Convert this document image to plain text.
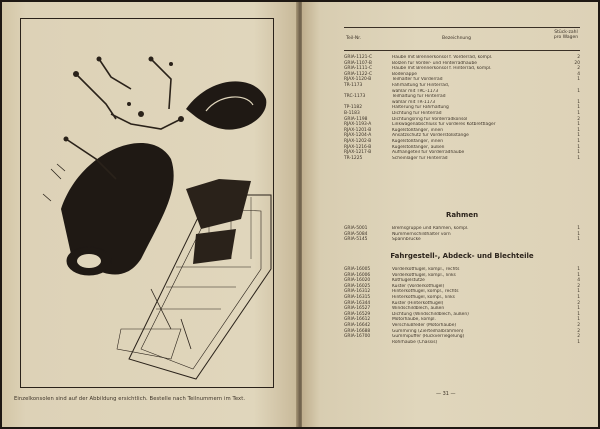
Einzelkonsolen sind auf der Abbildung ersichtlich. Bestelle nach Teilnummern im Text.
Teil-Nr.	Bezeichnung
Stück-zahl pro Wagen
GRIA-1121-C	Haube mit Brennerkonsol f. Vorderrad, kompl.	2
GRIA-1107-B	Bolzen für Vorder- und Hinterradhaube	20
GRIA-1111-C	Haube mit Brennerkonsol f. Hinterrad, kompl.	2
GRIA-1122-C	Bodenappe	4
RJAX-1120-B	Teilhalter für Vorderrad	1
TR-1173	Fahrhaltung für Hinterrad,
wählar mit TRC-1173	1
TRC-1173	Teilhaltung für Hinterrad
wählar mit TR-1173	1
TP-1182	Halterung für Fahrhaltung	1
B-1183	Dichtung für Hinterrad	1
GRIA-1198	Dichtungsring für Vorderradkonsol	2
RJAX-1193-A	Linkwagenabschluss für vorderes Kotbrettlager	1
RJAX-1201-B	Kugelstoßfänger, innen	1
RJAX-1204-A	Ansatzschutz für Vorderstoßstange	1
RJAX-1202-B	Kugelstoßfänger, innen	1
RJAX-1216-B	Kugelstoßfänger, außen	1
RJAX-1217-B	Aufhängeteil für Vorderradhaube	1
TR-1225	Scheinlager für Hinterrad	1
Rahmen
GRIA-5001	Bremsgruppe und Rahmen, kompl.	1
GRIA-5084	Nummernschildhalter vorn	1
GRIA-5145	Spannbrücke	1
Fahrgestell-, Abdeck- und Blechteile
GRIA-16005	Vorderkotflügel, kompl., rechts	1
GRIA-16006	Vorderkotflügel, kompl., links	1
GRIA-16020	Kotflügelstütze	4
GRIA-16025	Küster (Vorderkotflügel)	2
GRIA-16312	Hinterkotflügel, kompl., rechts	1
GRIA-16315	Hinterkotflügel, kompl., links	1
GRIA-16344	Küster (Hinterkotflügel)	2
GRIA-16527	Windschildblech, außen	1
GRIA-16529	Dichtung (Windschildblech, außen)	1
GRIA-16612	Motorhaube, kompl.	1
GRIA-16642	Verschlußfeder (Motorhaube)	2
GRIA-16688	Gummiring (Zierteilhalbrahmen)	2
GRIA-16700	Gummipuffer (Rückverriegelung)	2
Rohrhaube (Chassis)	1
— 31 —
